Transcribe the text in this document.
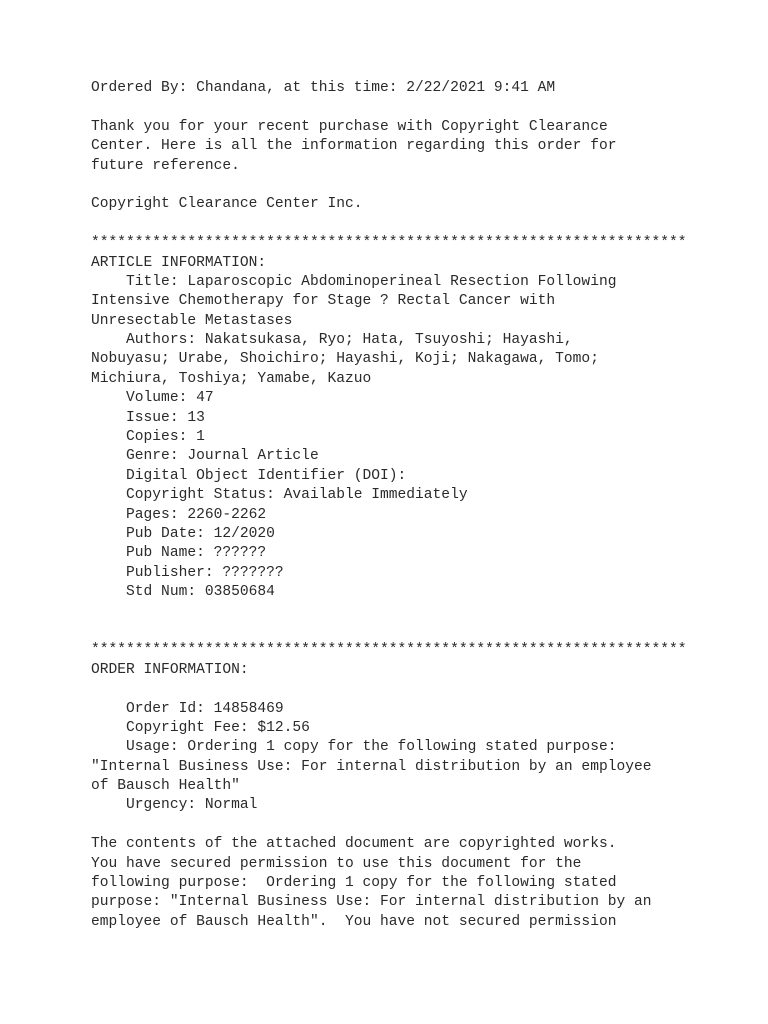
Ordered By: Chandana, at this time: 2/22/2021 9:41 AM
Thank you for your recent purchase with Copyright Clearance
Center. Here is all the information regarding this order for
future reference.
Copyright Clearance Center Inc.
********************************************************************
ARTICLE INFORMATION:
Title: Laparoscopic Abdominoperineal Resection Following
Intensive Chemotherapy for Stage ? Rectal Cancer with
Unresectable Metastases
Authors: Nakatsukasa, Ryo; Hata, Tsuyoshi; Hayashi,
Nobuyasu; Urabe, Shoichiro; Hayashi, Koji; Nakagawa, Tomo;
Michiura, Toshiya; Yamabe, Kazuo
Volume: 47
Issue: 13
Copies: 1
Genre: Journal Article
Digital Object Identifier (DOI):
Copyright Status: Available Immediately
Pages: 2260-2262
Pub Date: 12/2020
Pub Name: ??????
Publisher: ???????
Std Num: 03850684
********************************************************************
ORDER INFORMATION:
Order Id: 14858469
Copyright Fee: $12.56
Usage: Ordering 1 copy for the following stated purpose:
"Internal Business Use: For internal distribution by an employee
of Bausch Health"
Urgency: Normal
The contents of the attached document are copyrighted works.
You have secured permission to use this document for the
following purpose:  Ordering 1 copy for the following stated
purpose: "Internal Business Use: For internal distribution by an
employee of Bausch Health".  You have not secured permission
